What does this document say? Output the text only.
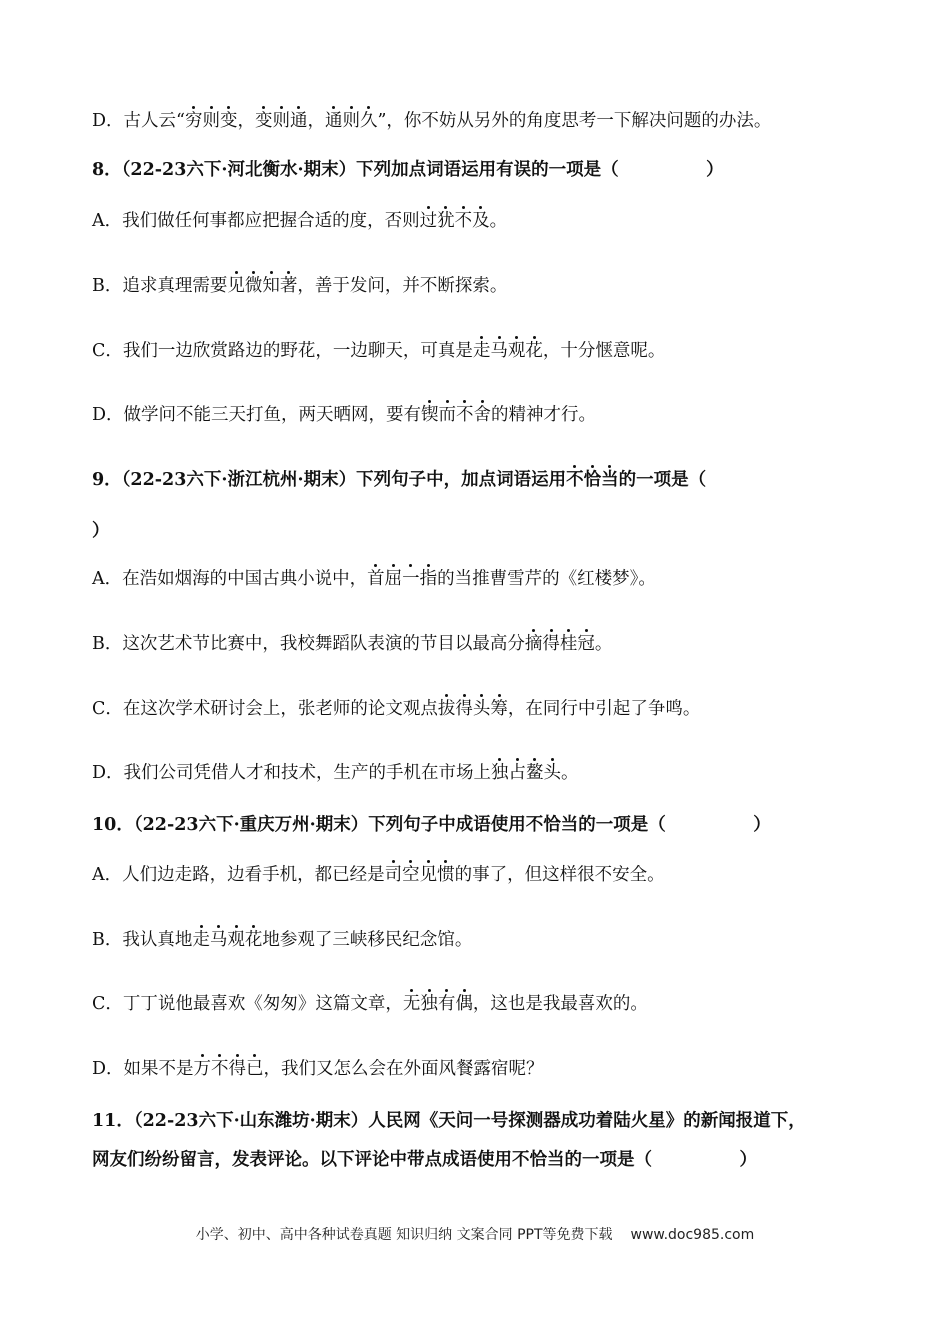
D．古人云“穷则变，变则通，通则久”，你不妨从另外的角度思考一下解决问题的办法。
8．（22-23六下·河北衡水·期末）下列加点词语运用有误的一项是（　　　　　）
A．我们做任何事都应把握合适的度，否则过犹不及。
B．追求真理需要见微知著，善于发问，并不断探索。
C．我们一边欣赏路边的野花，一边聊天，可真是走马观花，十分惬意呢。
D．做学问不能三天打鱼，两天晒网，要有锲而不舍的精神才行。
9．（22-23六下·浙江杭州·期末）下列句子中，加点词语运用不恰当的一项是（
）
A．在浩如烟海的中国古典小说中，首屈一指的当推曹雪芹的《红楼梦》。
B．这次艺术节比赛中，我校舞蹈队表演的节目以最高分摘得桂冠。
C．在这次学术研讨会上，张老师的论文观点拔得头筹，在同行中引起了争鸣。
D．我们公司凭借人才和技术，生产的手机在市场上独占鳌头。
10．（22-23六下·重庆万州·期末）下列句子中成语使用不恰当的一项是（　　　　　）
A．人们边走路，边看手机，都已经是司空见惯的事了，但这样很不安全。
B．我认真地走马观花地参观了三峡移民纪念馆。
C．丁丁说他最喜欢《匆匆》这篇文章，无独有偶，这也是我最喜欢的。
D．如果不是万不得已，我们又怎么会在外面风餐露宿呢？
11．（22-23六下·山东潍坊·期末）人民网《天问一号探测器成功着陆火星》的新闻报道下，
网友们纷纷留言，发表评论。以下评论中带点成语使用不恰当的一项是（　　　　　）
小学、初中、高中各种试卷真题 知识归纳 文案合同 PPT等免费下载 www.doc985.com
